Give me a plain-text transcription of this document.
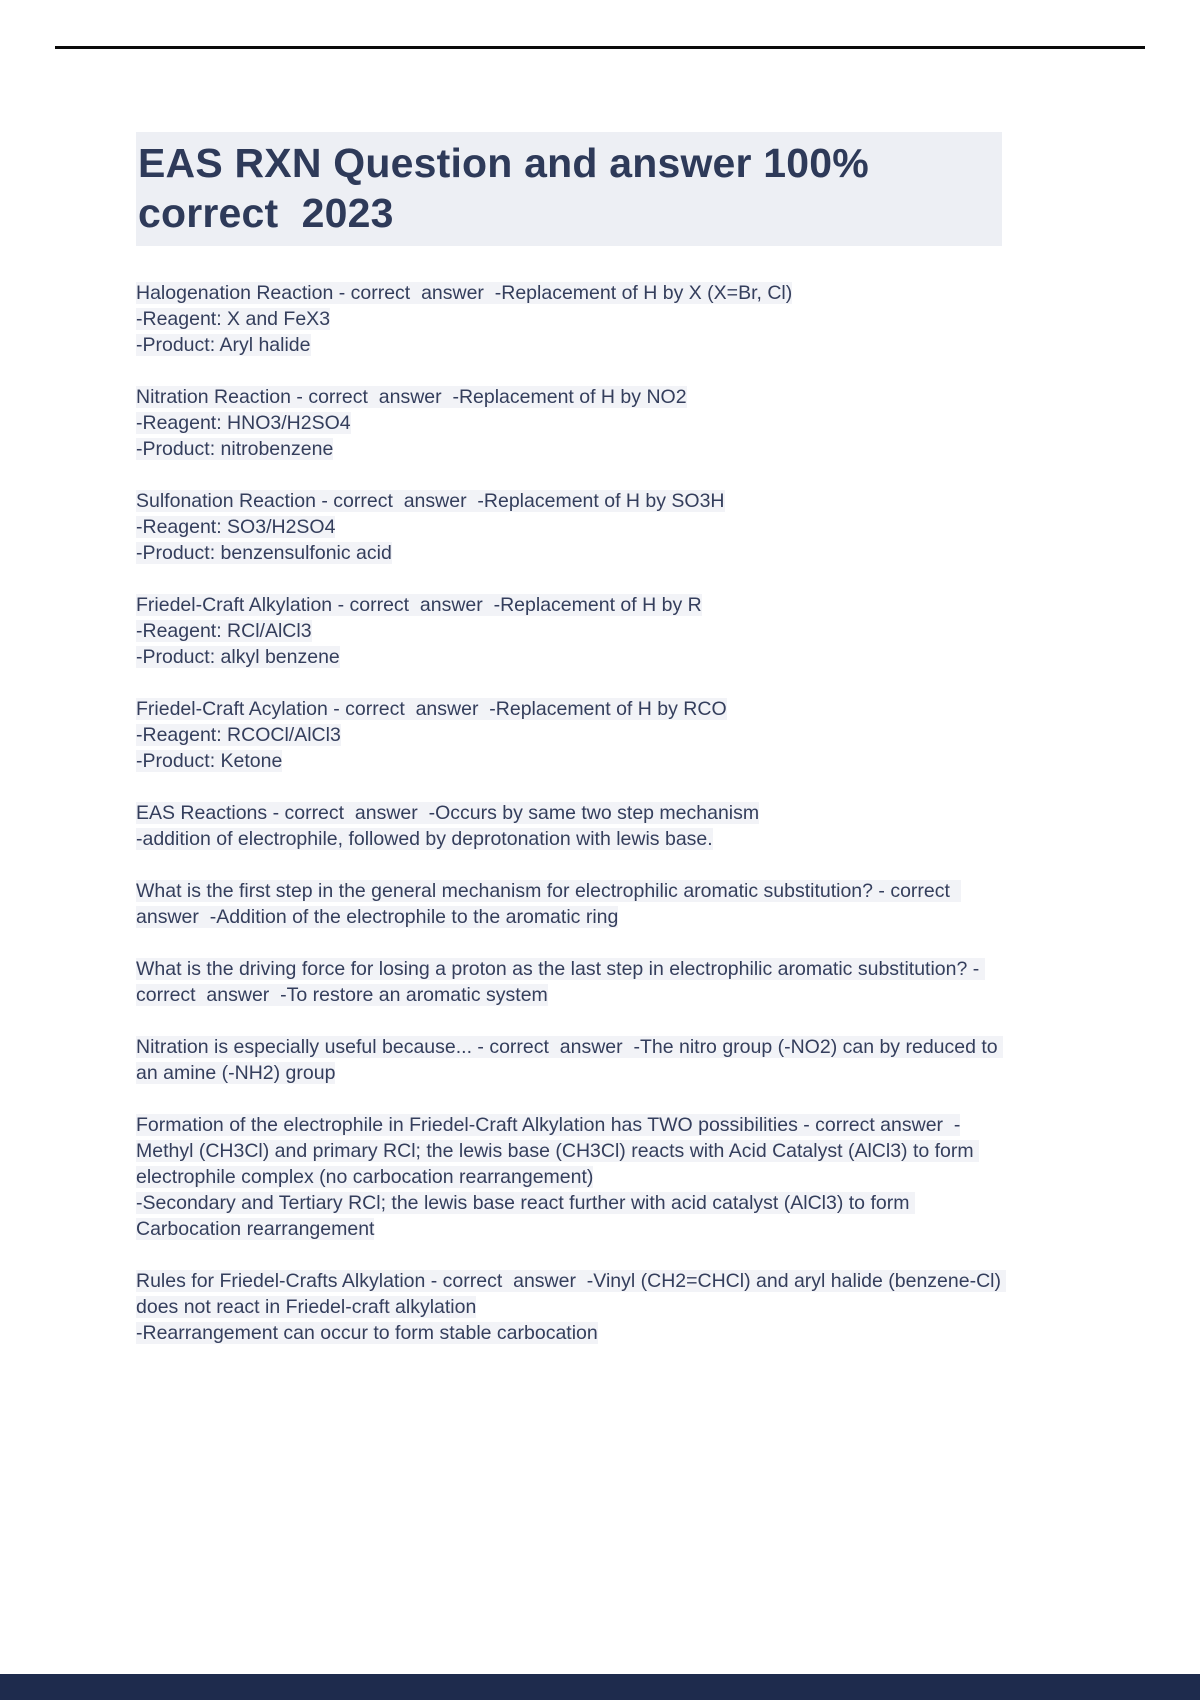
EAS RXN Question and answer 100% correct  2023
Halogenation Reaction - correct  answer  -Replacement of H by X (X=Br, Cl)
-Reagent: X and FeX3
-Product: Aryl halide
Nitration Reaction - correct  answer  -Replacement of H by NO2
-Reagent: HNO3/H2SO4
-Product: nitrobenzene
Sulfonation Reaction - correct  answer  -Replacement of H by SO3H
-Reagent: SO3/H2SO4
-Product: benzensulfonic acid
Friedel-Craft Alkylation - correct  answer  -Replacement of H by R
-Reagent: RCl/AlCl3
-Product: alkyl benzene
Friedel-Craft Acylation - correct  answer  -Replacement of H by RCO
-Reagent: RCOCl/AlCl3
-Product: Ketone
EAS Reactions - correct  answer  -Occurs by same two step mechanism
-addition of electrophile, followed by deprotonation with lewis base.
What is the first step in the general mechanism for electrophilic aromatic substitution? - correct  answer  -Addition of the electrophile to the aromatic ring
What is the driving force for losing a proton as the last step in electrophilic aromatic substitution? - correct  answer  -To restore an aromatic system
Nitration is especially useful because... - correct  answer  -The nitro group (-NO2) can by reduced to an amine (-NH2) group
Formation of the electrophile in Friedel-Craft Alkylation has TWO possibilities - correct answer  -Methyl (CH3Cl) and primary RCl; the lewis base (CH3Cl) reacts with Acid Catalyst (AlCl3) to form electrophile complex (no carbocation rearrangement)
-Secondary and Tertiary RCl; the lewis base react further with acid catalyst (AlCl3) to form Carbocation rearrangement
Rules for Friedel-Crafts Alkylation - correct  answer  -Vinyl (CH2=CHCl) and aryl halide (benzene-Cl) does not react in Friedel-craft alkylation
-Rearrangement can occur to form stable carbocation
